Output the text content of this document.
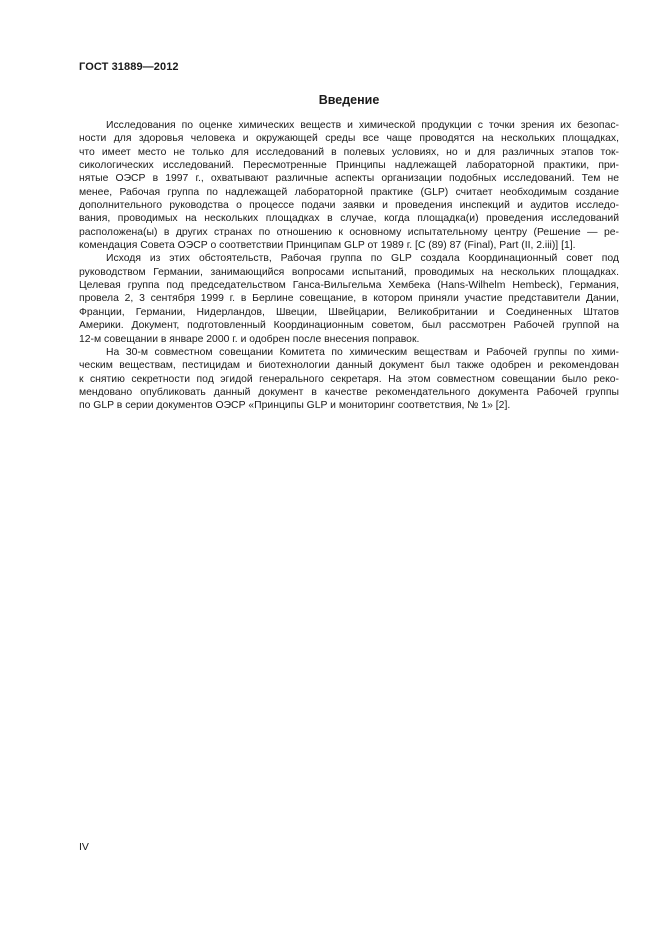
ГОСТ 31889—2012
Введение
Исследования по оценке химических веществ и химической продукции с точки зрения их безопас-
ности для здоровья человека и окружающей среды все чаще проводятся на нескольких площадках,
что имеет место не только для исследований в полевых условиях, но и для различных этапов ток-
сикологических исследований. Пересмотренные Принципы надлежащей лабораторной практики, при-
нятые ОЭСР в 1997 г., охватывают различные аспекты организации подобных исследований. Тем не
менее, Рабочая группа по надлежащей лабораторной практике (GLP) считает необходимым создание
дополнительного руководства о процессе подачи заявки и проведения инспекций и аудитов исследо-
вания, проводимых на нескольких площадках в случае, когда площадка(и) проведения исследований
расположена(ы) в других странах по отношению к основному испытательному центру (Решение — ре-
комендация Совета ОЭСР о соответствии Принципам GLP от 1989 г. [С (89) 87 (Final), Part (II, 2.iii)] [1].
Исходя из этих обстоятельств, Рабочая группа по GLP создала Координационный совет под
руководством Германии, занимающийся вопросами испытаний, проводимых на нескольких площадках.
Целевая группа под председательством Ганса-Вильгельма Хембека (Hans-Wilhelm Hembeck), Германия,
провела 2, 3 сентября 1999 г. в Берлине совещание, в котором приняли участие представители Дании,
Франции, Германии, Нидерландов, Швеции, Швейцарии, Великобритании и Соединенных Штатов
Америки. Документ, подготовленный Координационным советом, был рассмотрен Рабочей группой на
12-м совещании в январе 2000 г. и одобрен после внесения поправок.
На 30-м совместном совещании Комитета по химическим веществам и Рабочей группы по хими-
ческим веществам, пестицидам и биотехнологии данный документ был также одобрен и рекомендован
к снятию секретности под эгидой генерального секретаря. На этом совместном совещании было реко-
мендовано опубликовать данный документ в качестве рекомендательного документа Рабочей группы
по GLP в серии документов ОЭСР «Принципы GLP и мониторинг соответствия, № 1» [2].
IV
